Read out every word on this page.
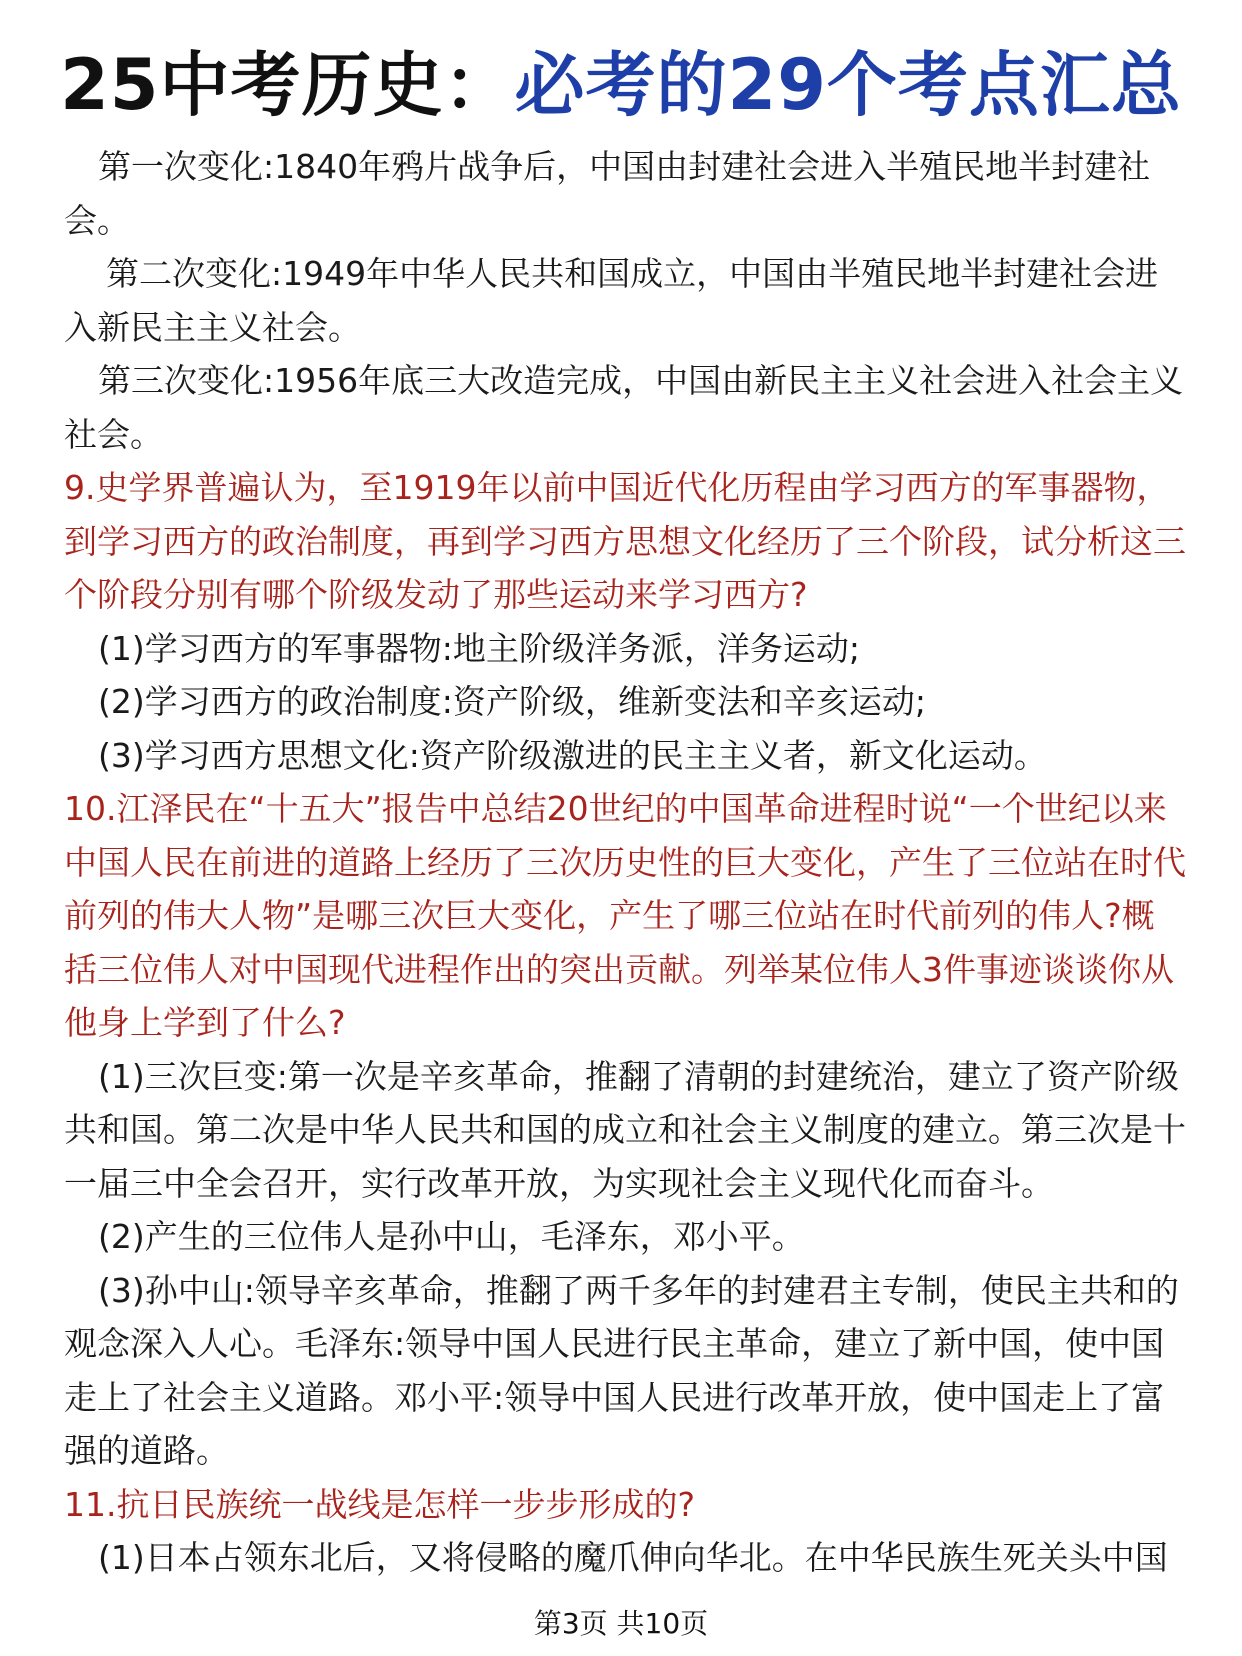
25中考历史：必考的29个考点汇总

第一次变化:1840年鸦片战争后，中国由封建社会进入半殖民地半封建社会。

第二次变化:1949年中华人民共和国成立，中国由半殖民地半封建社会进入新民主主义社会。

第三次变化:1956年底三大改造完成，中国由新民主主义社会进入社会主义社会。

9.史学界普遍认为，至1919年以前中国近代化历程由学习西方的军事器物，到学习西方的政治制度，再到学习西方思想文化经历了三个阶段，试分析这三个阶段分别有哪个阶级发动了那些运动来学习西方?

(1)学习西方的军事器物:地主阶级洋务派，洋务运动;

(2)学习西方的政治制度:资产阶级，维新变法和辛亥运动;

(3)学习西方思想文化:资产阶级激进的民主主义者，新文化运动。

10.江泽民在“十五大”报告中总结20世纪的中国革命进程时说“一个世纪以来中国人民在前进的道路上经历了三次历史性的巨大变化，产生了三位站在时代前列的伟大人物”是哪三次巨大变化，产生了哪三位站在时代前列的伟人?概括三位伟人对中国现代进程作出的突出贡献。列举某位伟人3件事迹谈谈你从他身上学到了什么?

(1)三次巨变:第一次是辛亥革命，推翻了清朝的封建统治，建立了资产阶级共和国。第二次是中华人民共和国的成立和社会主义制度的建立。第三次是十一届三中全会召开，实行改革开放，为实现社会主义现代化而奋斗。

(2)产生的三位伟人是孙中山，毛泽东，邓小平。

(3)孙中山:领导辛亥革命，推翻了两千多年的封建君主专制，使民主共和的观念深入人心。毛泽东:领导中国人民进行民主革命，建立了新中国，使中国走上了社会主义道路。邓小平:领导中国人民进行改革开放，使中国走上了富强的道路。

11.抗日民族统一战线是怎样一步步形成的?

(1)日本占领东北后，又将侵略的魔爪伸向华北。在中华民族生死关头中国

第3页 共10页
